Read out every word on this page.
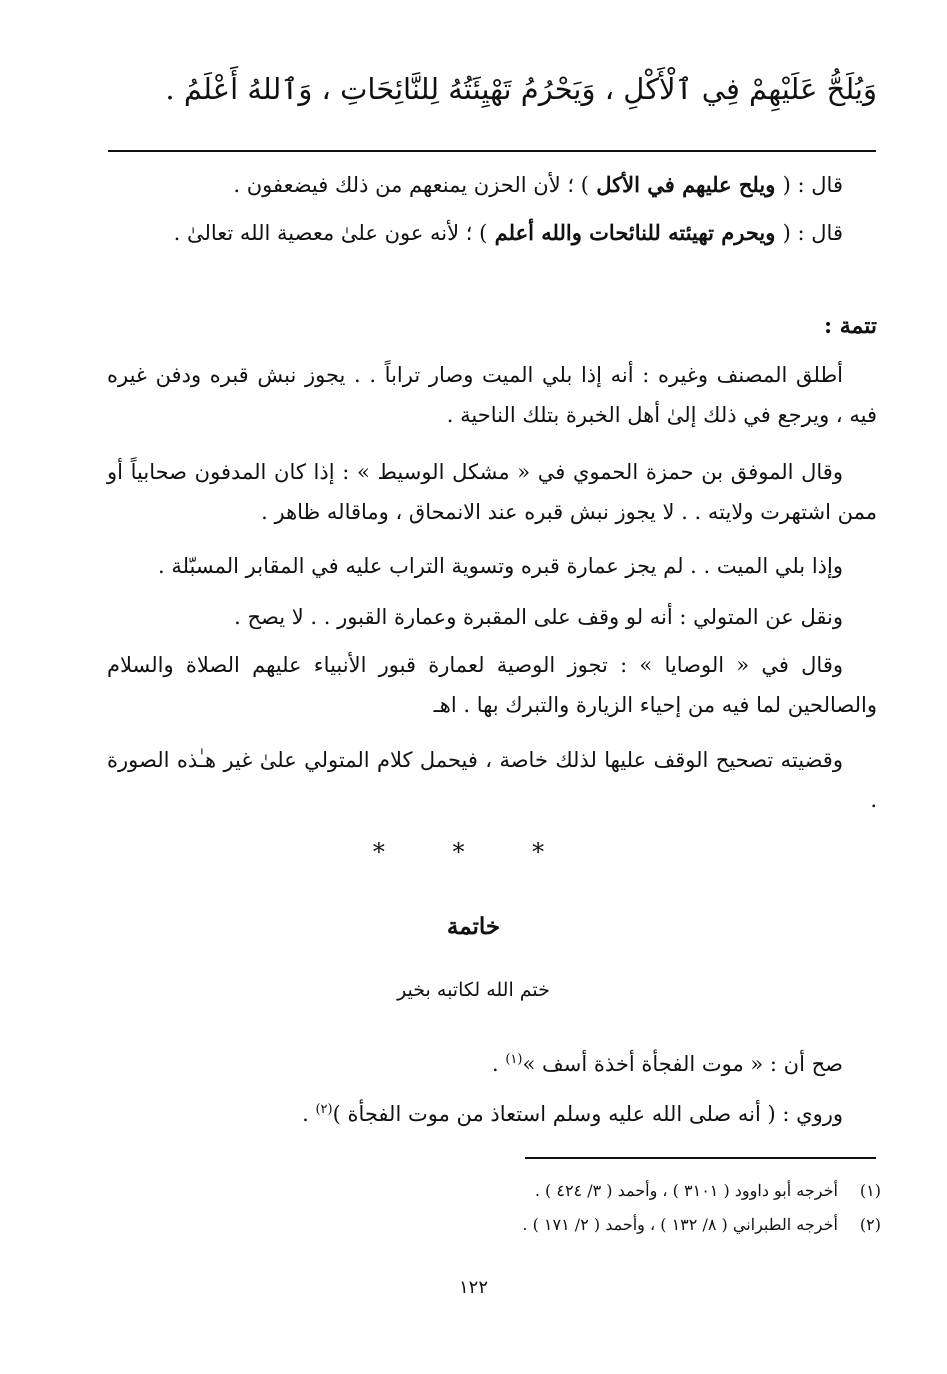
وَيُلَحُّ عَلَيْهِمْ فِي ٱلْأَكْلِ ، وَيَحْرُمُ تَهْيِئَتُهُ لِلنَّائِحَاتِ ، وَٱللهُ أَعْلَمُ .
قال : ( ويلح عليهم في الأكل ) ؛ لأن الحزن يمنعهم من ذلك فيضعفون .
قال : ( ويحرم تهيئته للنائحات والله أعلم ) ؛ لأنه عون علىٰ معصية الله تعالىٰ .
تتمة :
أطلق المصنف وغيره : أنه إذا بلي الميت وصار تراباً . . يجوز نبش قبره ودفن غيره فيه ، ويرجع في ذلك إلىٰ أهل الخبرة بتلك الناحية .
وقال الموفق بن حمزة الحموي في « مشكل الوسيط » : إذا كان المدفون صحابياً أو ممن اشتهرت ولايته . . لا يجوز نبش قبره عند الانمحاق ، وماقاله ظاهر .
وإذا بلي الميت . . لم يجز عمارة قبره وتسوية التراب عليه في المقابر المسبّلة .
ونقل عن المتولي : أنه لو وقف على المقبرة وعمارة القبور . . لا يصح .
وقال في « الوصايا » : تجوز الوصية لعمارة قبور الأنبياء عليهم الصلاة والسلام والصالحين لما فيه من إحياء الزيارة والتبرك بها . اهـ
وقضيته تصحيح الوقف عليها لذلك خاصة ، فيحمل كلام المتولي علىٰ غير هـٰذه الصورة .
* * *
خاتمة
ختم الله لكاتبه بخير
صح أن : « موت الفجأة أخذة أسف »$^{(١)}$ .
وروي : ( أنه صلى الله عليه وسلم استعاذ من موت الفجأة )$^{(٢)}$ .
(١)أخرجه أبو داوود ( ٣١٠١ ) ، وأحمد ( ٣/ ٤٢٤ ) .
(٢)أخرجه الطبراني ( ٨/ ١٣٢ ) ، وأحمد ( ٢/ ١٧١ ) .
١٢٢
